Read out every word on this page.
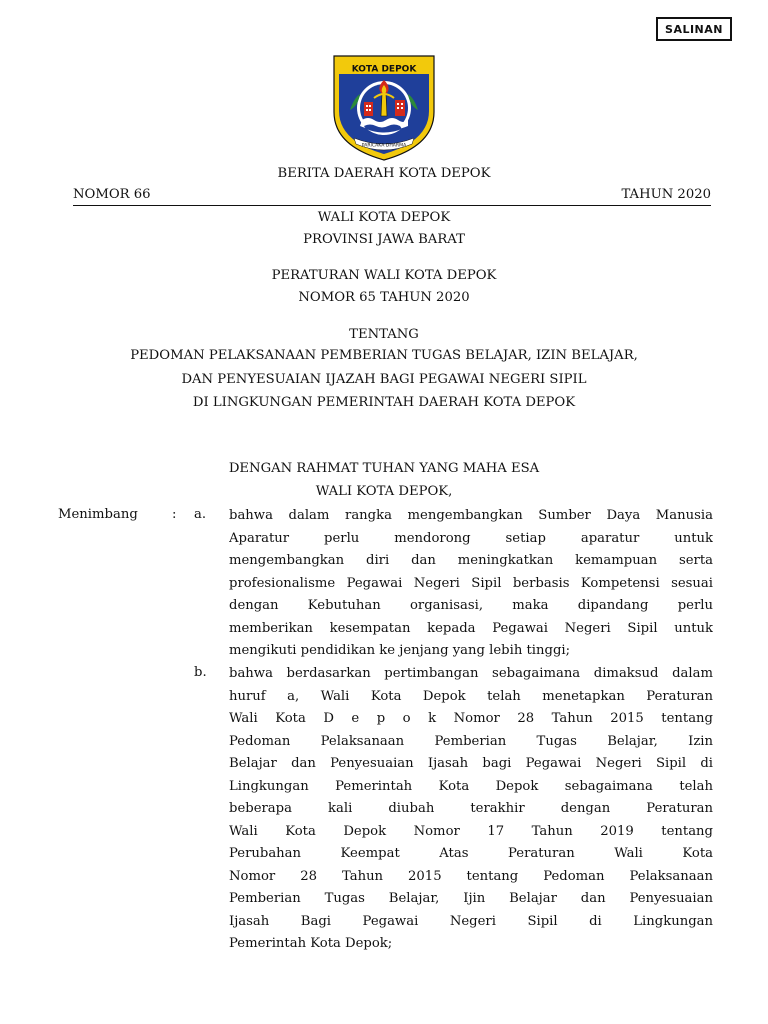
SALINAN
KOTA DEPOK
PARICAKA DHARMA
BERITA DAERAH KOTA DEPOK
NOMOR 66	TAHUN 2020
WALI KOTA DEPOK
PROVINSI JAWA BARAT
PERATURAN WALI KOTA DEPOK
NOMOR 65 TAHUN 2020
TENTANG
PEDOMAN PELAKSANAAN PEMBERIAN TUGAS BELAJAR, IZIN BELAJAR,
DAN PENYESUAIAN IJAZAH BAGI PEGAWAI NEGERI SIPIL
DI LINGKUNGAN PEMERINTAH DAERAH KOTA DEPOK
DENGAN RAHMAT TUHAN YANG MAHA ESA
WALI KOTA DEPOK,
Menimbang	: a. bahwa dalam rangka mengembangkan Sumber Daya Manusia
Aparatur perlu mendorong setiap aparatur untuk
mengembangkan diri dan meningkatkan kemampuan serta
profesionalisme Pegawai Negeri Sipil berbasis Kompetensi sesuai
dengan Kebutuhan organisasi, maka dipandang perlu
memberikan kesempatan kepada Pegawai Negeri Sipil untuk
mengikuti pendidikan ke jenjang yang lebih tinggi;
b. bahwa berdasarkan pertimbangan sebagaimana dimaksud dalam
huruf a, Wali Kota Depok telah menetapkan Peraturan
Wali Kota D e p o k Nomor 28 Tahun 2015 tentang
Pedoman Pelaksanaan Pemberian Tugas Belajar, Izin
Belajar dan Penyesuaian Ijasah bagi Pegawai Negeri Sipil di
Lingkungan Pemerintah Kota Depok sebagaimana telah
beberapa kali diubah terakhir dengan Peraturan
Wali Kota Depok Nomor 17 Tahun 2019 tentang
Perubahan Keempat Atas Peraturan Wali Kota
Nomor 28 Tahun 2015 tentang Pedoman Pelaksanaan
Pemberian Tugas Belajar, Ijin Belajar dan Penyesuaian
Ijasah Bagi Pegawai Negeri Sipil di Lingkungan
Pemerintah Kota Depok;
